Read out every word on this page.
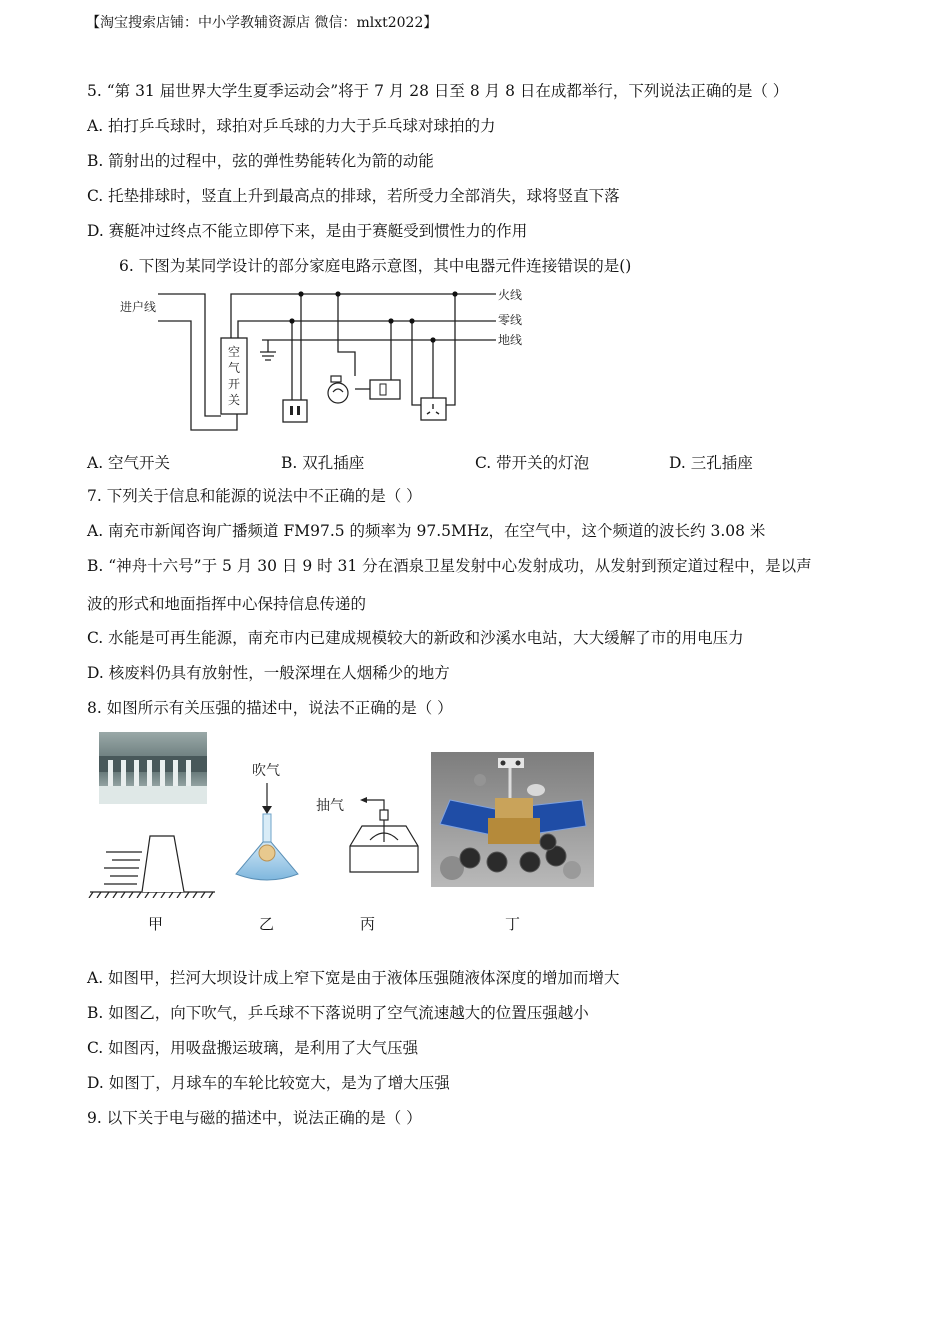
【淘宝搜索店铺：中小学教辅资源店 微信：mlxt2022】
5. “第 31 届世界大学生夏季运动会”将于 7 月 28 日至 8 月 8 日在成都举行，下列说法正确的是（ ）
A. 拍打乒乓球时，球拍对乒乓球的力大于乒乓球对球拍的力
B. 箭射出的过程中，弦的弹性势能转化为箭的动能
C. 托垫排球时，竖直上升到最高点的排球，若所受力全部消失，球将竖直下落
D. 赛艇冲过终点不能立即停下来，是由于赛艇受到惯性力的作用
6. 下图为某同学设计的部分家庭电路示意图，其中电器元件连接错误的是()
进户线
火线
零线
地线
空
气
开
关
A. 空气开关	B. 双孔插座	C. 带开关的灯泡	D. 三孔插座
7. 下列关于信息和能源的说法中不正确的是（ ）
A. 南充市新闻咨询广播频道 FM97.5 的频率为 97.5MHz，在空气中，这个频道的波长约 3.08 米
B. “神舟十六号”于 5 月 30 日 9 时 31 分在酒泉卫星发射中心发射成功，从发射到预定道过程中，是以声
波的形式和地面指挥中心保持信息传递的
C. 水能是可再生能源，南充市内已建成规模较大的新政和沙溪水电站，大大缓解了市的用电压力
D. 核废料仍具有放射性，一般深埋在人烟稀少的地方
8. 如图所示有关压强的描述中，说法不正确的是（ ）
吹气
抽气
甲	乙	丙	丁
A. 如图甲，拦河大坝设计成上窄下宽是由于液体压强随液体深度的增加而增大
B. 如图乙，向下吹气，乒乓球不下落说明了空气流速越大的位置压强越小
C. 如图丙，用吸盘搬运玻璃，是利用了大气压强
D. 如图丁，月球车的车轮比较宽大，是为了增大压强
9. 以下关于电与磁的描述中，说法正确的是（ ）
